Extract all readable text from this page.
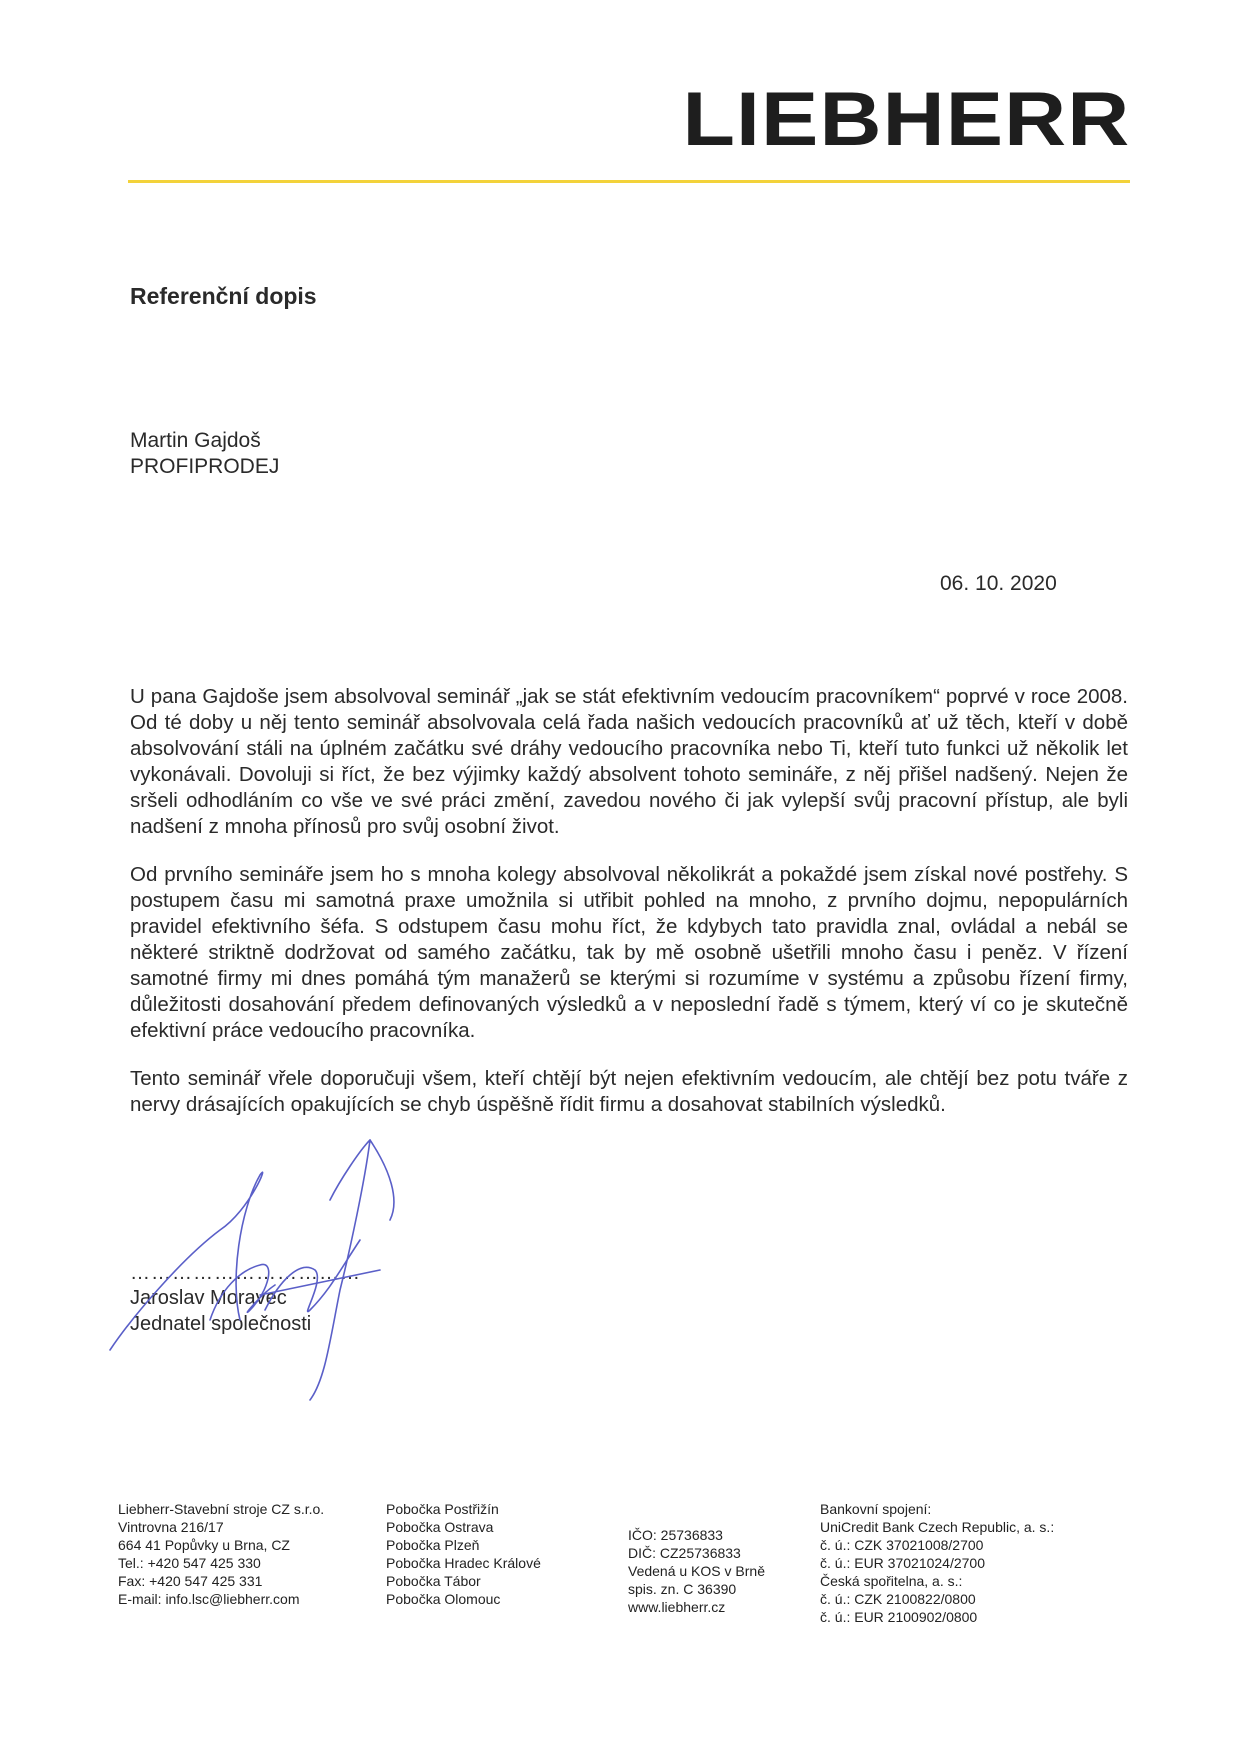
LIEBHERR
Referenční dopis
Martin Gajdoš
PROFIPRODEJ
06. 10. 2020

U pana Gajdoše jsem absolvoval seminář „jak se stát efektivním vedoucím pracovníkem“ poprvé v roce 2008. Od té doby u něj tento seminář absolvovala celá řada našich vedoucích pracovníků ať už těch, kteří v době absolvování stáli na úplném začátku své dráhy vedoucího pracovníka nebo Ti, kteří tuto funkci už několik let vykonávali. Dovoluji si říct, že bez výjimky každý absolvent tohoto semináře, z něj přišel nadšený. Nejen že sršeli odhodláním co vše ve své práci změní, zavedou nového či jak vylepší svůj pracovní přístup, ale byli nadšení z mnoha přínosů pro svůj osobní život.

Od prvního semináře jsem ho s mnoha kolegy absolvoval několikrát a pokaždé jsem získal nové postřehy. S postupem času mi samotná praxe umožnila si utřibit pohled na mnoho, z prvního dojmu, nepopulárních pravidel efektivního šéfa. S odstupem času mohu říct, že kdybych tato pravidla znal, ovládal a nebál se některé striktně dodržovat od samého začátku, tak by mě osobně ušetřili mnoho času i peněz. V řízení samotné firmy mi dnes pomáhá tým manažerů se kterými si rozumíme v systému a způsobu řízení firmy, důležitosti dosahování předem definovaných výsledků a v neposlední řadě s týmem, který ví co je skutečně efektivní práce vedoucího pracovníka.

Tento seminář vřele doporučuji všem, kteří chtějí být nejen efektivním vedoucím, ale chtějí bez potu tváře z nervy drásajících opakujících se chyb úspěšně řídit firmu a dosahovat stabilních výsledků.

……………………………
Jaroslav Moravec
Jednatel společnosti
Liebherr-Stavební stroje CZ s.r.o.
Vintrovna 216/17
664 41 Popůvky u Brna, CZ
Tel.: +420 547 425 330
Fax: +420 547 425 331
E-mail: info.lsc@liebherr.com
Pobočka Postřižín
Pobočka Ostrava
Pobočka Plzeň
Pobočka Hradec Králové
Pobočka Tábor
Pobočka Olomouc
IČO: 25736833
DIČ: CZ25736833
Vedená u KOS v Brně
spis. zn. C 36390
www.liebherr.cz
Bankovní spojení:
UniCredit Bank Czech Republic, a. s.:
č. ú.: CZK 37021008/2700
č. ú.: EUR 37021024/2700
Česká spořitelna, a. s.:
č. ú.: CZK 2100822/0800
č. ú.: EUR 2100902/0800
